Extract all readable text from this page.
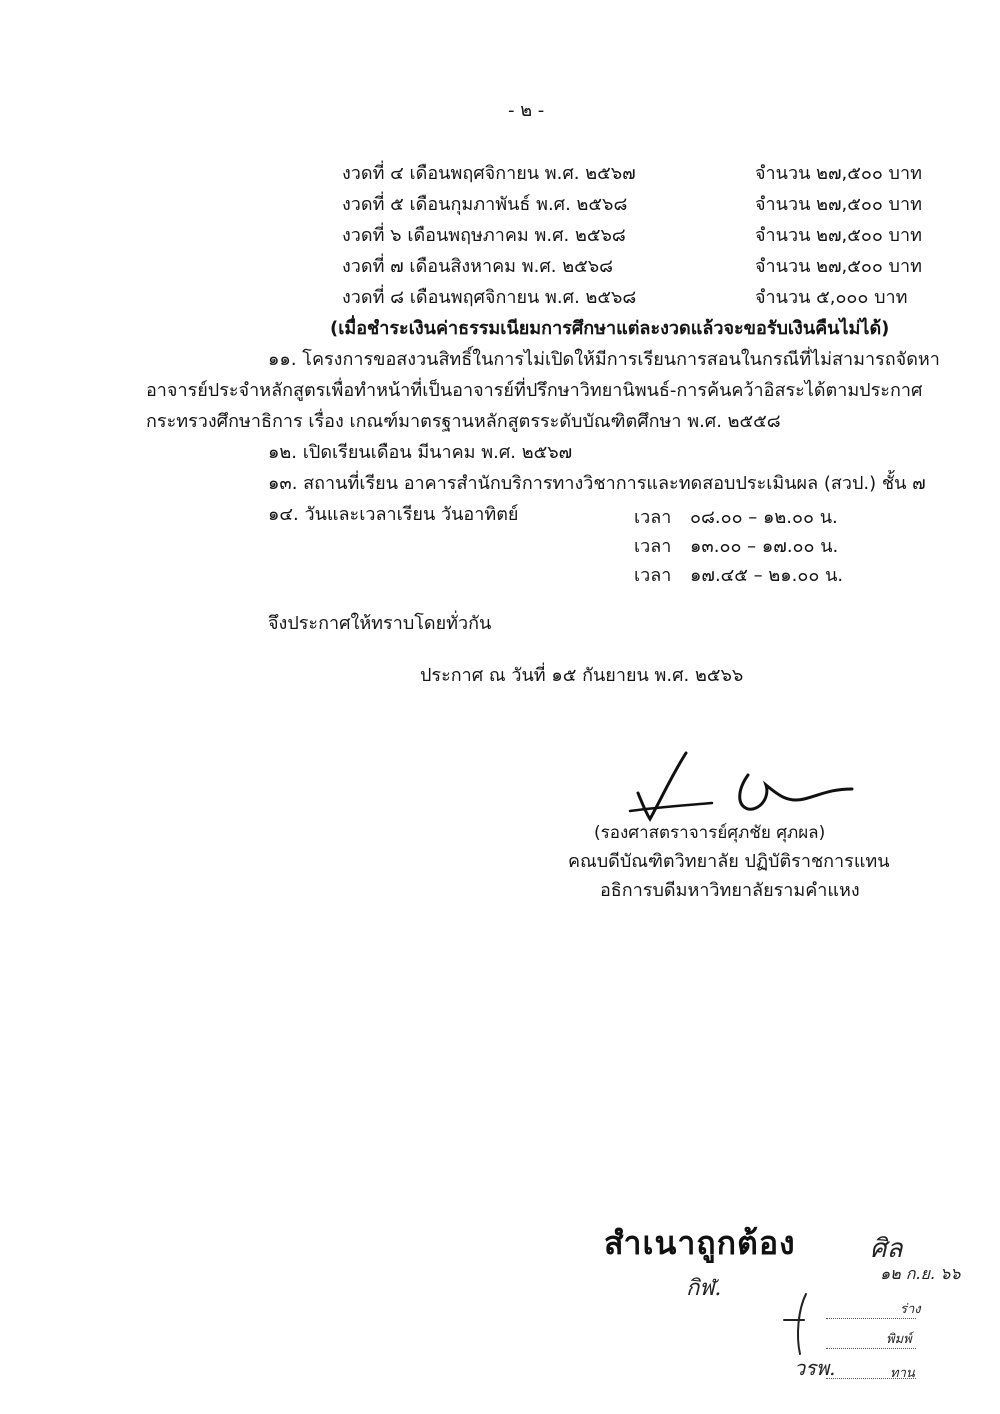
- ๒ -
งวดที่ ๔ เดือนพฤศจิกายน พ.ศ. ๒๕๖๗	จำนวน ๒๗,๕๐๐ บาท
งวดที่ ๕ เดือนกุมภาพันธ์ พ.ศ. ๒๕๖๘	จำนวน ๒๗,๕๐๐ บาท
งวดที่ ๖ เดือนพฤษภาคม พ.ศ. ๒๕๖๘	จำนวน ๒๗,๕๐๐ บาท
งวดที่ ๗ เดือนสิงหาคม พ.ศ. ๒๕๖๘	จำนวน ๒๗,๕๐๐ บาท
งวดที่ ๘ เดือนพฤศจิกายน พ.ศ. ๒๕๖๘	จำนวน ๕,๐๐๐ บาท
(เมื่อชำระเงินค่าธรรมเนียมการศึกษาแต่ละงวดแล้วจะขอรับเงินคืนไม่ได้)
๑๑. โครงการขอสงวนสิทธิ์ในการไม่เปิดให้มีการเรียนการสอนในกรณีที่ไม่สามารถจัดหา
อาจารย์ประจำหลักสูตรเพื่อทำหน้าที่เป็นอาจารย์ที่ปรึกษาวิทยานิพนธ์-การค้นคว้าอิสระได้ตามประกาศ
กระทรวงศึกษาธิการ เรื่อง เกณฑ์มาตรฐานหลักสูตรระดับบัณฑิตศึกษา พ.ศ. ๒๕๕๘
๑๒. เปิดเรียนเดือน มีนาคม พ.ศ. ๒๕๖๗
๑๓. สถานที่เรียน อาคารสำนักบริการทางวิชาการและทดสอบประเมินผล (สวป.) ชั้น ๗
๑๔. วันและเวลาเรียน วันอาทิตย์	เวลา ๐๘.๐๐ – ๑๒.๐๐ น.
เวลา ๑๓.๐๐ – ๑๗.๐๐ น.
เวลา ๑๗.๔๕ – ๒๑.๐๐ น.
จึงประกาศให้ทราบโดยทั่วกัน
ประกาศ ณ วันที่ ๑๕ กันยายน พ.ศ. ๒๕๖๖
(รองศาสตราจารย์ศุภชัย ศุภผล)
คณบดีบัณฑิตวิทยาลัย ปฏิบัติราชการแทน
อธิการบดีมหาวิทยาลัยรามคำแหง
สำเนาถูกต้อง	ศิล
๑๒ ก.ย. ๖๖
กิฬ.
ร่าง
พิมพ์
ทาน
วรพ.
